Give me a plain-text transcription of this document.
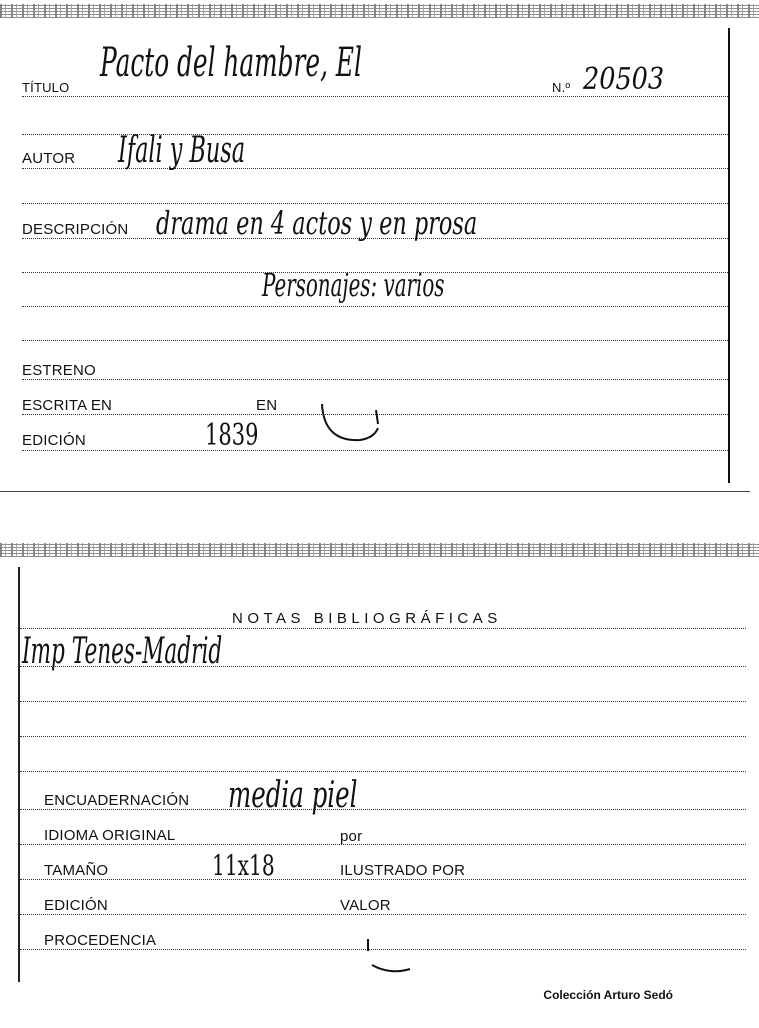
TÍTULO
Pacto del hambre, El
N.º 20503
AUTOR Ifali y Busa
DESCRIPCIÓN drama en 4 actos y en prosa
Personajes: varios
ESTRENO
ESCRITA EN	EN
EDICIÓN	1839
NOTAS BIBLIOGRÁFICAS
Imp Tenes-Madrid
ENCUADERNACIÓN media piel
IDIOMA ORIGINAL	por
TAMAÑO	11x18	ILUSTRADO POR
EDICIÓN	VALOR
PROCEDENCIA
Colección Arturo Sedó
